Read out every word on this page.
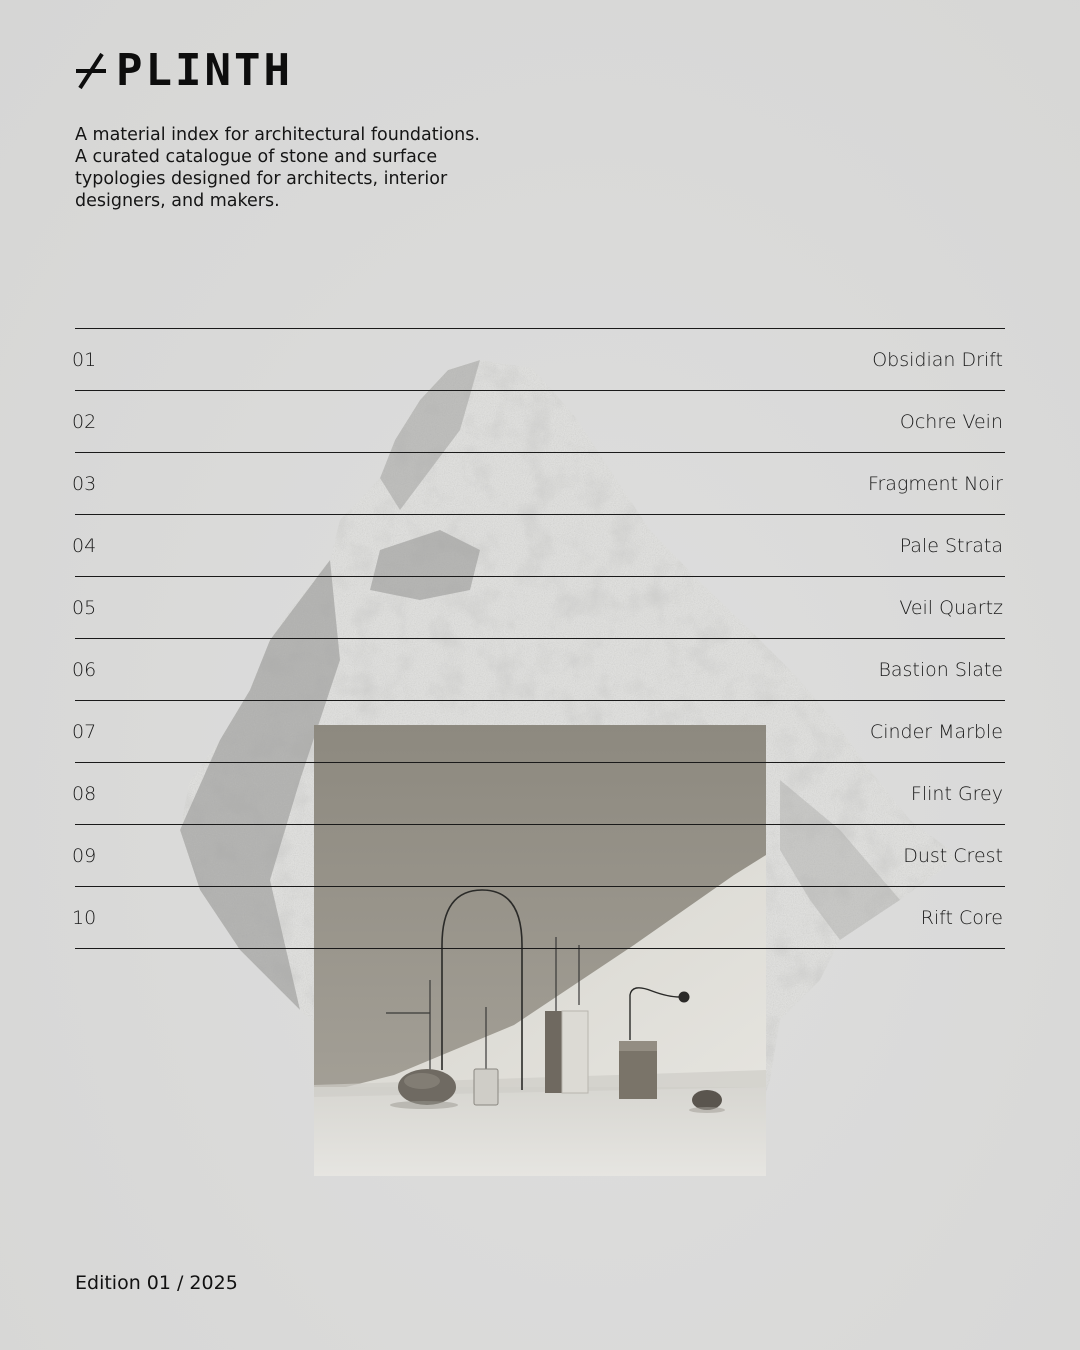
PLINTH

A material index for architectural foundations.

A curated catalogue of stone and surface

typologies designed for architects, interior

designers, and makers.

01	Obsidian Drift
02	Ochre Vein
03	Fragment Noir
04	Pale Strata
05	Veil Quartz
06	Bastion Slate
07	Cinder Marble
08	Flint Grey
09	Dust Crest
10	Rift Core
Edition 01 / 2025
